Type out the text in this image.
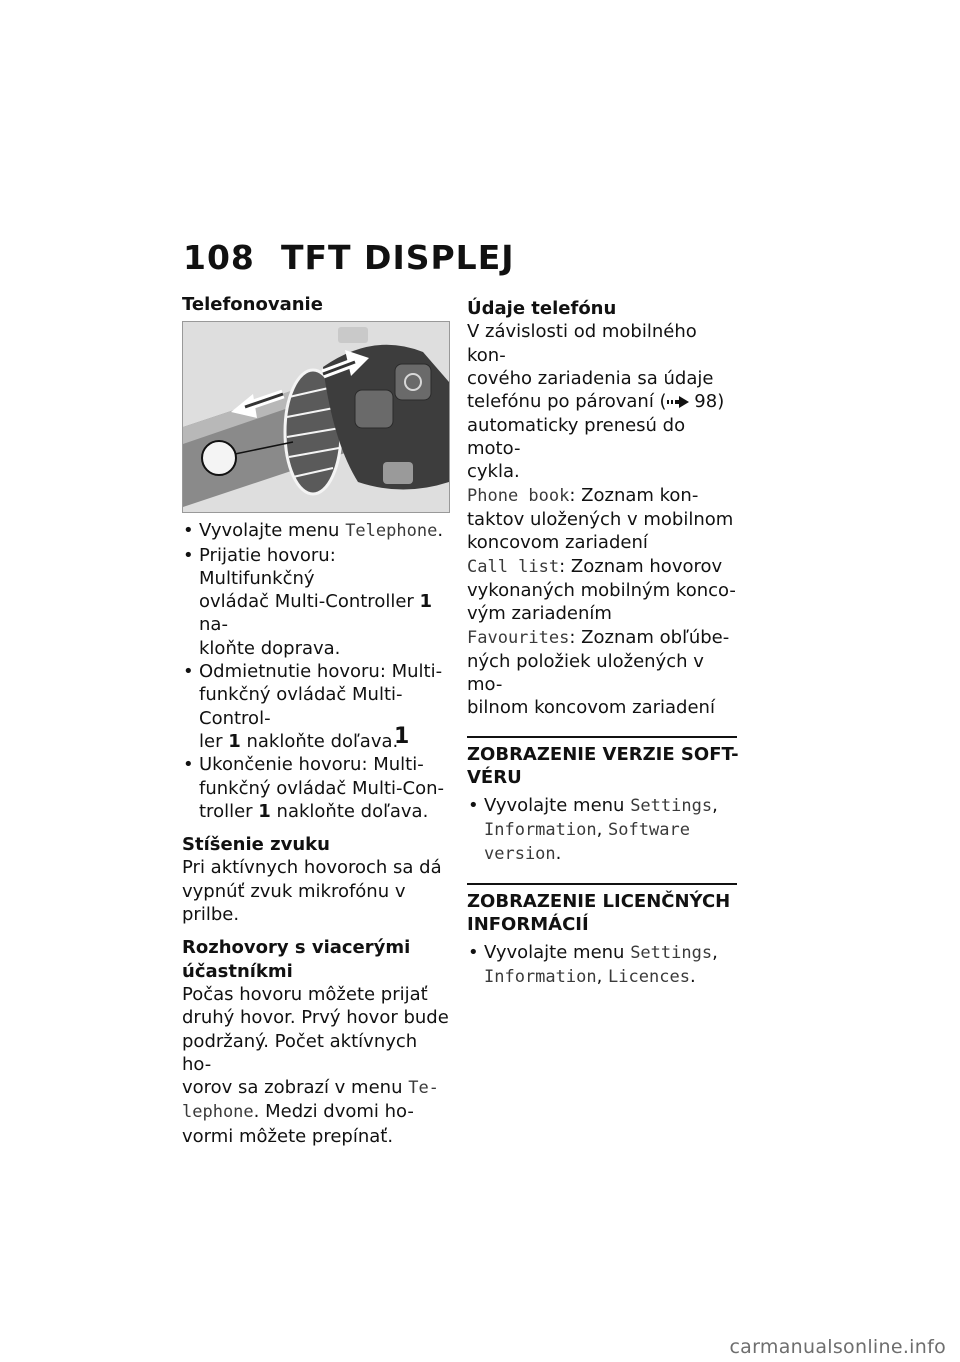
108 TFT DISPLEJ

Telefonovanie

1
• Vyvolajte menu Telephone.
• Prijatie hovoru: Multifunkčný
ovládač Multi-Controller 1 na-
kloňte doprava.
• Odmietnutie hovoru: Multi-
funkčný ovládač Multi-Control-
ler 1 nakloňte doľava.
• Ukončenie hovoru: Multi-
funkčný ovládač Multi-Con-
troller 1 nakloňte doľava.

Stíšenie zvuku

Pri aktívnych hovoroch sa dá
vypnúť zvuk mikrofónu v prilbe.

Rozhovory s viacerými
účastníkmi

Počas hovoru môžete prijať
druhý hovor. Prvý hovor bude
podržaný. Počet aktívnych ho-
vorov sa zobrazí v menu Te-
lephone. Medzi dvomi ho-
vormi môžete prepínať.

Údaje telefónu

V závislosti od mobilného kon-
cového zariadenia sa údaje
telefónu po párovaní ( 98)
automaticky prenesú do moto-
cykla.
Phone book: Zoznam kon-
taktov uložených v mobilnom
koncovom zariadení
Call list: Zoznam hovorov
vykonaných mobilným konco-
vým zariadením
Favourites: Zoznam obľúbe-
ných položiek uložených v mo-
bilnom koncovom zariadení

ZOBRAZENIE VERZIE SOFT-
VÉRU

• Vyvolajte menu Settings,
Information, Software
version.

ZOBRAZENIE LICENČNÝCH
INFORMÁCIÍ

• Vyvolajte menu Settings,
Information, Licences.
carmanualsonline.info
